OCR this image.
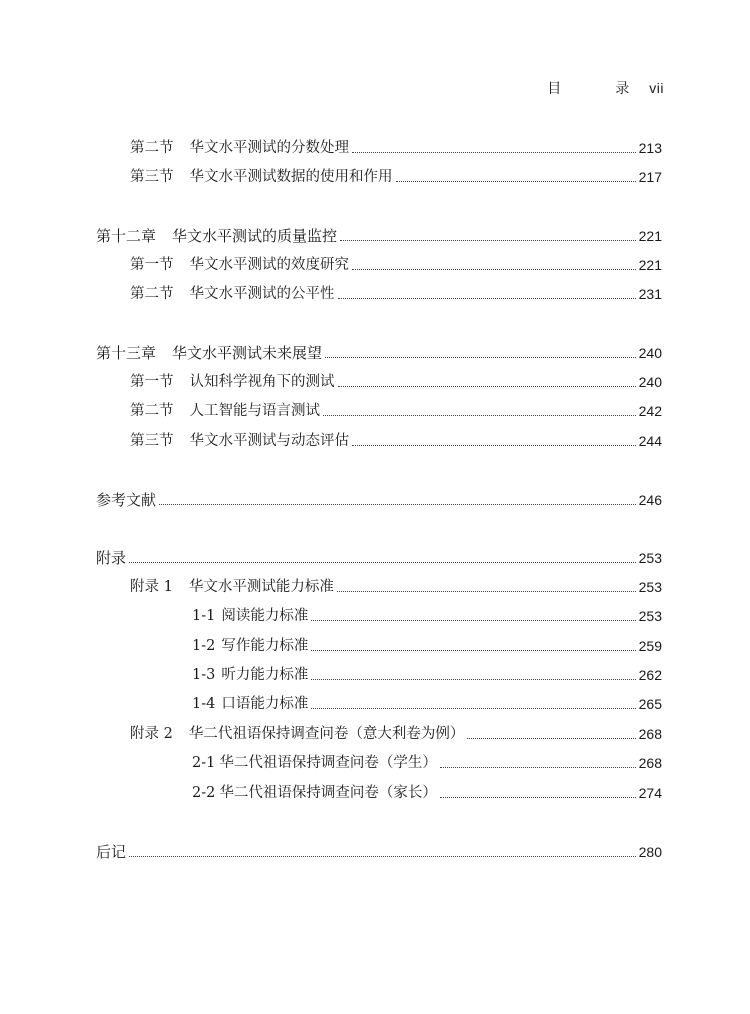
目　录 vii
第二节 华文水平测试的分数处理	213
第三节 华文水平测试数据的使用和作用	217
第十二章 华文水平测试的质量监控	221
第一节 华文水平测试的效度研究	221
第二节 华文水平测试的公平性	231
第十三章 华文水平测试未来展望	240
第一节 认知科学视角下的测试	240
第二节 人工智能与语言测试	242
第三节 华文水平测试与动态评估	244
参考文献	246
附录	253
附录 1 华文水平测试能力标准	253
1-1 阅读能力标准	253
1-2 写作能力标准	259
1-3 听力能力标准	262
1-4 口语能力标准	265
附录 2 华二代祖语保持调查问卷（意大利卷为例）	268
2-1 华二代祖语保持调查问卷（学生）	268
2-2 华二代祖语保持调查问卷（家长）	274
后记	280
